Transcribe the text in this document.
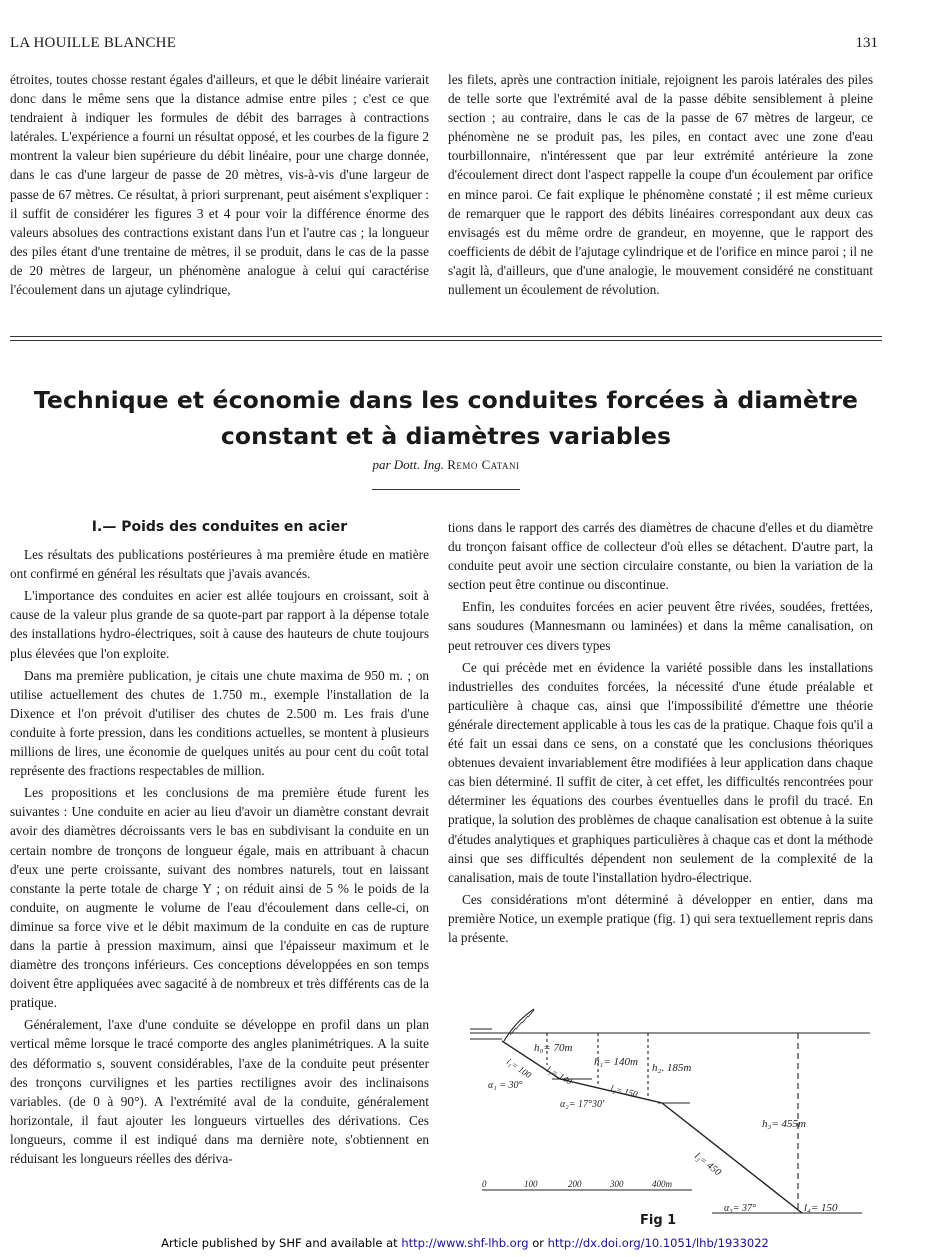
LA HOUILLE BLANCHE	131

étroites, toutes chosse restant égales d'ailleurs, et que le débit linéaire varierait donc dans le même sens que la distance admise entre piles ; c'est ce que tendraient à indiquer les formules de débit des barrages à contractions latérales. L'expérience a fourni un résultat opposé, et les courbes de la figure 2 montrent la valeur bien supérieure du débit linéaire, pour une charge donnée, dans le cas d'une largeur de passe de 20 mètres, vis-à-vis d'une largeur de passe de 67 mètres. Ce résultat, à priori surprenant, peut aisément s'expliquer : il suffit de considérer les figures 3 et 4 pour voir la différence énorme des valeurs absolues des contractions existant dans l'un et l'autre cas ; la longueur des piles étant d'une trentaine de mètres, il se produit, dans le cas de la passe de 20 mètres de largeur, un phénomène analogue à celui qui caractérise l'écoulement dans un ajutage cylindrique,

les filets, après une contraction initiale, rejoignent les parois latérales des piles de telle sorte que l'extrémité aval de la passe débite sensiblement à pleine section ; au contraire, dans le cas de la passe de 67 mètres de largeur, ce phénomène ne se produit pas, les piles, en contact avec une zone d'eau tourbillonnaire, n'intéressent que par leur extrémité antérieure la zone d'écoulement direct dont l'aspect rappelle la coupe d'un écoulement par orifice en mince paroi. Ce fait explique le phénomène constaté ; il est même curieux de remarquer que le rapport des débits linéaires correspondant aux deux cas envisagés est du même ordre de grandeur, en moyenne, que le rapport des coefficients de débit de l'ajutage cylindrique et de l'orifice en mince paroi ; il ne s'agit là, d'ailleurs, que d'une analogie, le mouvement considéré ne constituant nullement un écoulement de révolution.

Technique et économie dans les conduites forcées à diamètre
constant et à diamètres variables
par Dott. Ing. Remo Catani

I.— Poids des conduites en acier

Les résultats des publications postérieures à ma première étude en matière ont confirmé en général les résultats que j'avais avancés.

L'importance des conduites en acier est allée toujours en croissant, soit à cause de la valeur plus grande de sa quote-part par rapport à la dépense totale des installations hydro-électriques, soit à cause des hauteurs de chute toujours plus élevées que l'on exploite.

Dans ma première publication, je citais une chute maxima de 950 m. ; on utilise actuellement des chutes de 1.750 m., exemple l'installation de la Dixence et l'on prévoit d'utiliser des chutes de 2.500 m. Les frais d'une conduite à forte pression, dans les conditions actuelles, se montent à plusieurs millions de lires, une économie de quelques unités au pour cent du coût total représente des fractions respectables de million.

Les propositions et les conclusions de ma première étude furent les suivantes : Une conduite en acier au lieu d'avoir un diamètre constant devrait avoir des diamètres décroissants vers le bas en subdivisant la conduite en un certain nombre de tronçons de longueur égale, mais en attribuant à chacun d'eux une perte croissante, suivant des nombres naturels, tout en laissant constante la perte totale de charge Y ; on réduit ainsi de 5 % le poids de la conduite, on augmente le volume de l'eau d'écoulement dans celle-ci, on diminue sa force vive et le débit maximum de la conduite en cas de rupture dans la partie à pression maximum, ainsi que l'épaisseur maximum et le diamètre des tronçons inférieurs. Ces conceptions développées en son temps doivent être appliquées avec sagacité à de nombreux et très différents cas de la pratique.

Généralement, l'axe d'une conduite se développe en profil dans un plan vertical même lorsque le tracé comporte des angles planimétriques. A la suite des déformatio s, souvent considérables, l'axe de la conduite peut présenter des tronçons curvilignes et les parties rectilignes avoir des inclinaisons variables. (de 0 à 90°). A l'extrémité aval de la conduite, généralement horizontale, il faut ajouter les longueurs virtuelles des dérivations. Ces longueurs, comme il est indiqué dans ma dernière note, s'obtiennent en réduisant les longueurs réelles des dériva-

tions dans le rapport des carrés des diamètres de chacune d'elles et du diamètre du tronçon faisant office de collecteur d'où elles se détachent. D'autre part, la conduite peut avoir une section circulaire constante, ou bien la variation de la section peut être continue ou discontinue.

Enfin, les conduites forcées en acier peuvent être rivées, soudées, frettées, sans soudures (Mannesmann ou laminées) et dans la même canalisation, on peut retrouver ces divers types

Ce qui précède met en évidence la variété possible dans les installations industrielles des conduites forcées, la nécessité d'une étude préalable et particulière à chaque cas, ainsi que l'impossibilité d'émettre une théorie générale directement applicable à tous les cas de la pratique. Chaque fois qu'il a été fait un essai dans ce sens, on a constaté que les conclusions théoriques obtenues devaient invariablement être modifiées à leur application dans chaque cas bien déterminé. Il suffit de citer, à cet effet, les difficultés rencontrées pour déterminer les équations des courbes éventuelles dans le profil du tracé. En pratique, la solution des problèmes de chaque canalisation est obtenue à la suite d'études analytiques et graphiques particulières à chaque cas et dont la méthode ainsi que ses difficultés dépendent non seulement de la complexité de la canalisation, mais de toute l'installation hydro-électrique.

Ces considérations m'ont déterminé à développer en entier, dans ma première Notice, un exemple pratique (fig. 1) qui sera textuellement repris dans la présente.

h₀= 70m
h₁= 140m h₂. 185m
h₃= 455m
i₁= 100 l₁= 140
l₂= 150
l₃= 450
l₄= 150
α₁ = 30°
α₂= 17°30'
α₃= 37°
0	100	200	300	400m
Fig 1
Article published by SHF and available at http://www.shf-lhb.org or http://dx.doi.org/10.1051/lhb/1933022
